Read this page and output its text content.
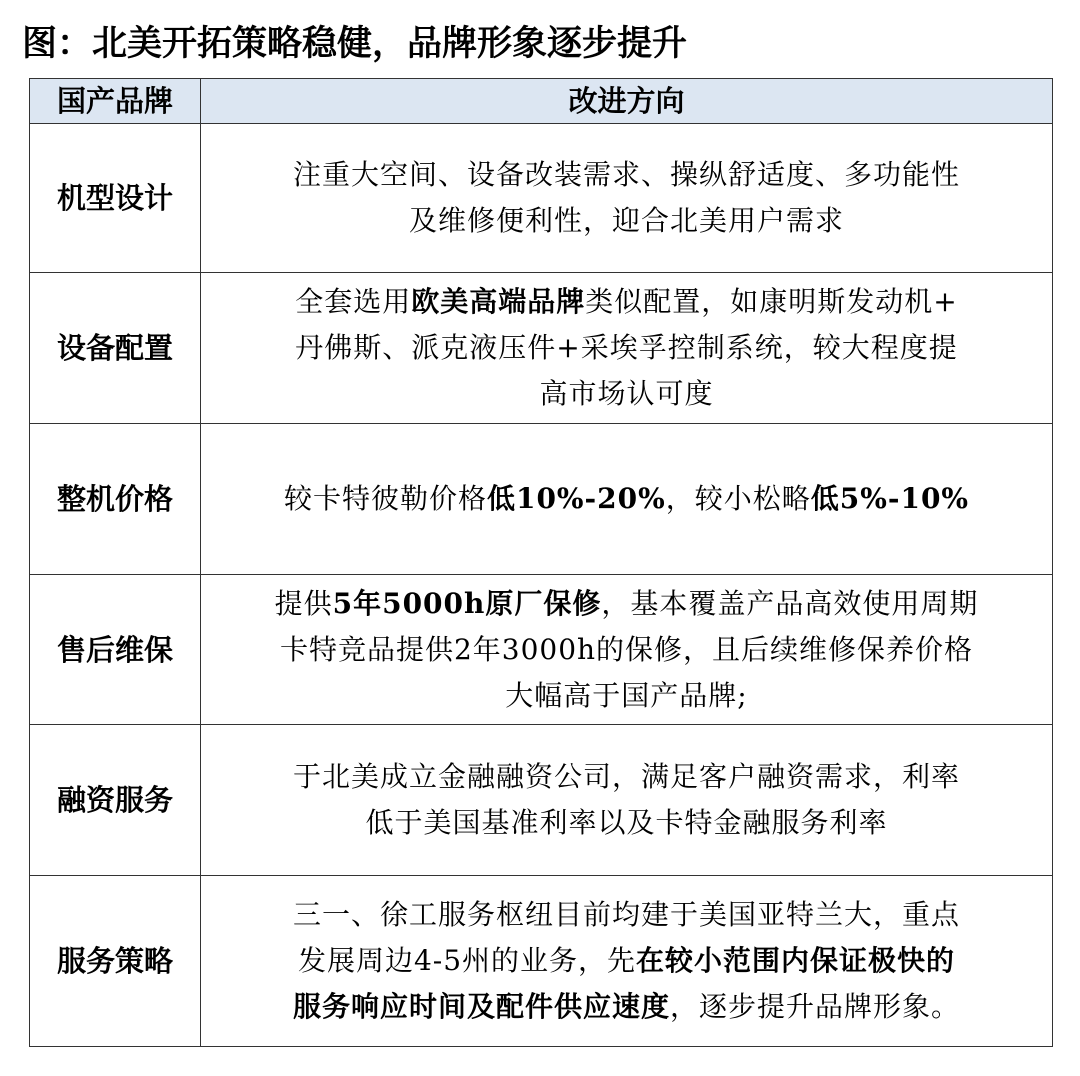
图：北美开拓策略稳健，品牌形象逐步提升
国产品牌	改进方向
机型设计	注重大空间、设备改装需求、操纵舒适度、多功能性
及维修便利性，迎合北美用户需求

设备配置	全套选用欧美高端品牌类似配置，如康明斯发动机+
丹佛斯、派克液压件+采埃孚控制系统，较大程度提
高市场认可度

整机价格	较卡特彼勒价格低10%-20%，较小松略低5%-10%

售后维保	提供5年5000h原厂保修，基本覆盖产品高效使用周期
卡特竞品提供2年3000h的保修，且后续维修保养价格
大幅高于国产品牌;

融资服务	于北美成立金融融资公司，满足客户融资需求，利率
低于美国基准利率以及卡特金融服务利率

服务策略	三一、徐工服务枢纽目前均建于美国亚特兰大，重点
发展周边4-5州的业务，先在较小范围内保证极快的
服务响应时间及配件供应速度，逐步提升品牌形象。
